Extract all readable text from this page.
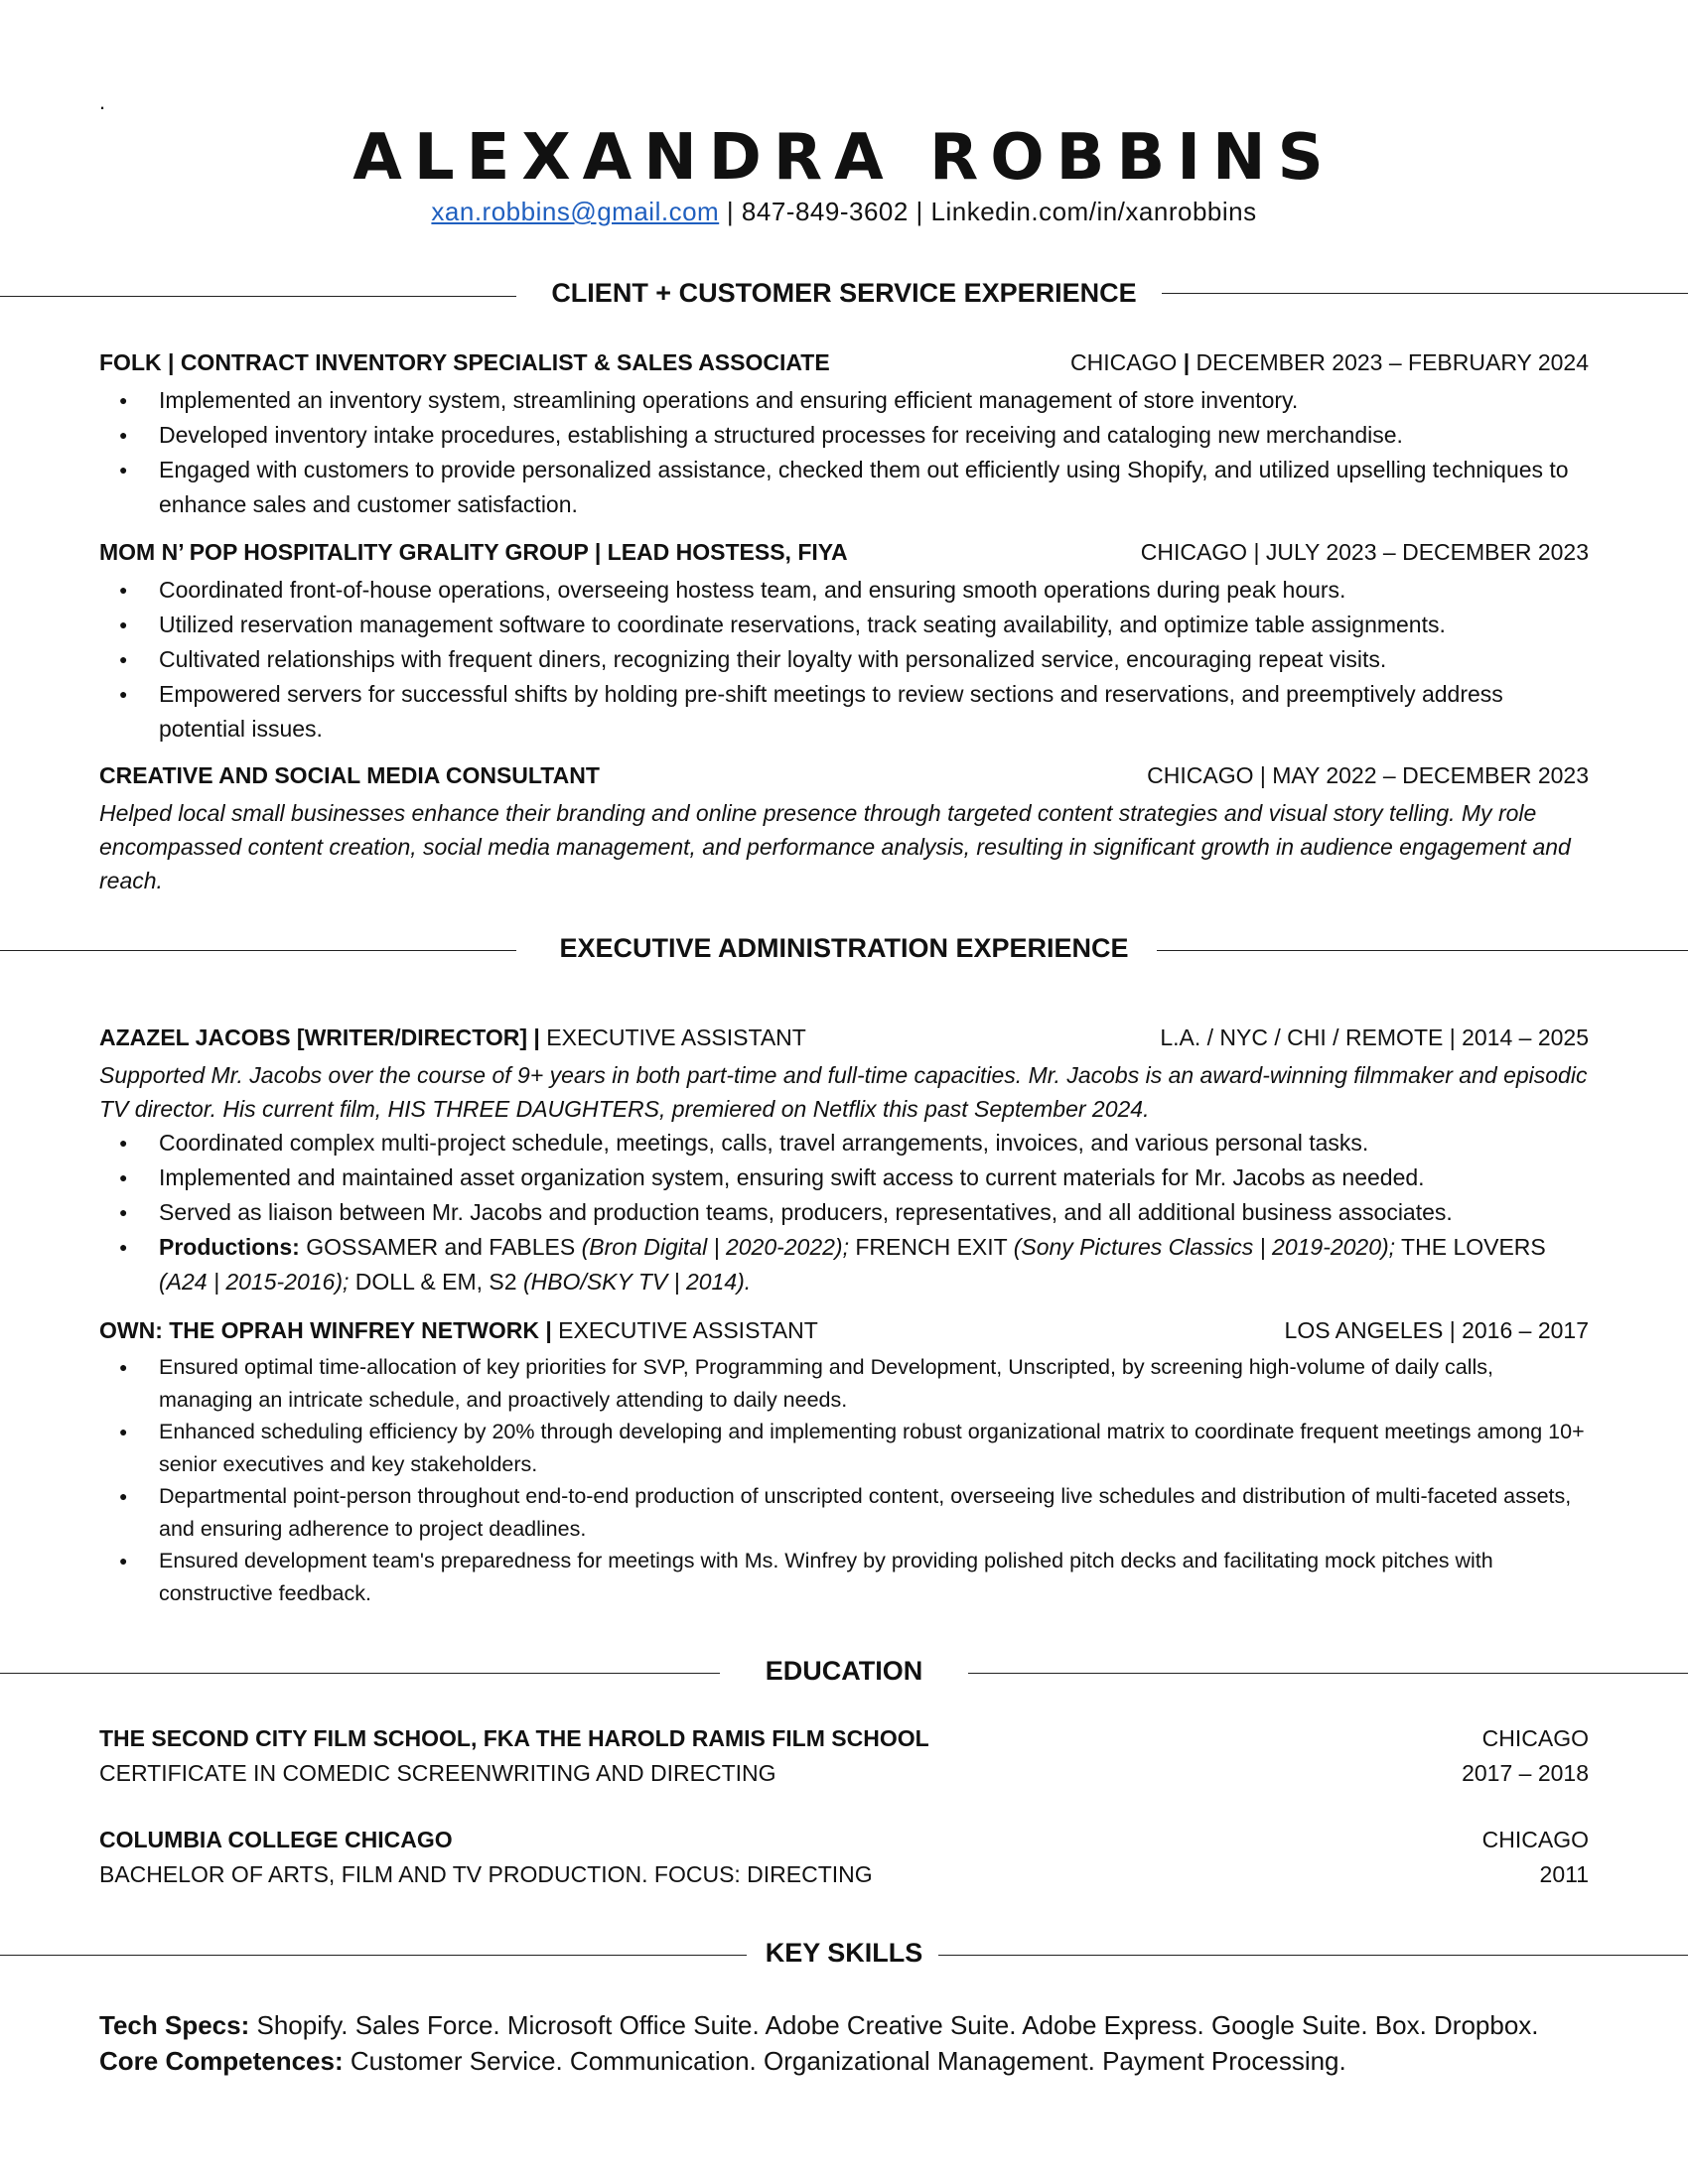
.
ALEXANDRA ROBBINS
xan.robbins@gmail.com | 847-849-3602 | Linkedin.com/in/xanrobbins
CLIENT + CUSTOMER SERVICE EXPERIENCE
FOLK | CONTRACT INVENTORY SPECIALIST & SALES ASSOCIATE	CHICAGO | DECEMBER 2023 – FEBRUARY 2024
● Implemented an inventory system, streamlining operations and ensuring efficient management of store inventory.
● Developed inventory intake procedures, establishing a structured processes for receiving and cataloging new merchandise.
● Engaged with customers to provide personalized assistance, checked them out efficiently using Shopify, and utilized upselling techniques to enhance sales and customer satisfaction.
MOM N’ POP HOSPITALITY GRALITY GROUP | LEAD HOSTESS, FIYA	CHICAGO | JULY 2023 – DECEMBER 2023
● Coordinated front-of-house operations, overseeing hostess team, and ensuring smooth operations during peak hours.
● Utilized reservation management software to coordinate reservations, track seating availability, and optimize table assignments.
● Cultivated relationships with frequent diners, recognizing their loyalty with personalized service, encouraging repeat visits.
● Empowered servers for successful shifts by holding pre-shift meetings to review sections and reservations, and preemptively address potential issues.
CREATIVE AND SOCIAL MEDIA CONSULTANT	CHICAGO | MAY 2022 – DECEMBER 2023
Helped local small businesses enhance their branding and online presence through targeted content strategies and visual story telling. My role encompassed content creation, social media management, and performance analysis, resulting in significant growth in audience engagement and reach.
EXECUTIVE ADMINISTRATION EXPERIENCE
AZAZEL JACOBS [WRITER/DIRECTOR] | EXECUTIVE ASSISTANT	L.A. / NYC / CHI / REMOTE | 2014 – 2025
Supported Mr. Jacobs over the course of 9+ years in both part-time and full-time capacities. Mr. Jacobs is an award-winning filmmaker and episodic TV director. His current film, HIS THREE DAUGHTERS, premiered on Netflix this past September 2024.
● Coordinated complex multi-project schedule, meetings, calls, travel arrangements, invoices, and various personal tasks.
● Implemented and maintained asset organization system, ensuring swift access to current materials for Mr. Jacobs as needed.
● Served as liaison between Mr. Jacobs and production teams, producers, representatives, and all additional business associates.
● Productions: GOSSAMER and FABLES (Bron Digital | 2020-2022); FRENCH EXIT (Sony Pictures Classics | 2019-2020); THE LOVERS (A24 | 2015-2016); DOLL & EM, S2 (HBO/SKY TV | 2014).
OWN: THE OPRAH WINFREY NETWORK | EXECUTIVE ASSISTANT	LOS ANGELES | 2016 – 2017
● Ensured optimal time-allocation of key priorities for SVP, Programming and Development, Unscripted, by screening high-volume of daily calls, managing an intricate schedule, and proactively attending to daily needs.
● Enhanced scheduling efficiency by 20% through developing and implementing robust organizational matrix to coordinate frequent meetings among 10+ senior executives and key stakeholders.
● Departmental point-person throughout end-to-end production of unscripted content, overseeing live schedules and distribution of multi-faceted assets, and ensuring adherence to project deadlines.
● Ensured development team's preparedness for meetings with Ms. Winfrey by providing polished pitch decks and facilitating mock pitches with constructive feedback.
EDUCATION
THE SECOND CITY FILM SCHOOL, FKA THE HAROLD RAMIS FILM SCHOOL	CHICAGO
CERTIFICATE IN COMEDIC SCREENWRITING AND DIRECTING	2017 – 2018
COLUMBIA COLLEGE CHICAGO	CHICAGO
BACHELOR OF ARTS, FILM AND TV PRODUCTION. FOCUS: DIRECTING	2011
KEY SKILLS
Tech Specs: Shopify. Sales Force. Microsoft Office Suite. Adobe Creative Suite. Adobe Express. Google Suite. Box. Dropbox.
Core Competences: Customer Service. Communication. Organizational Management. Payment Processing.
